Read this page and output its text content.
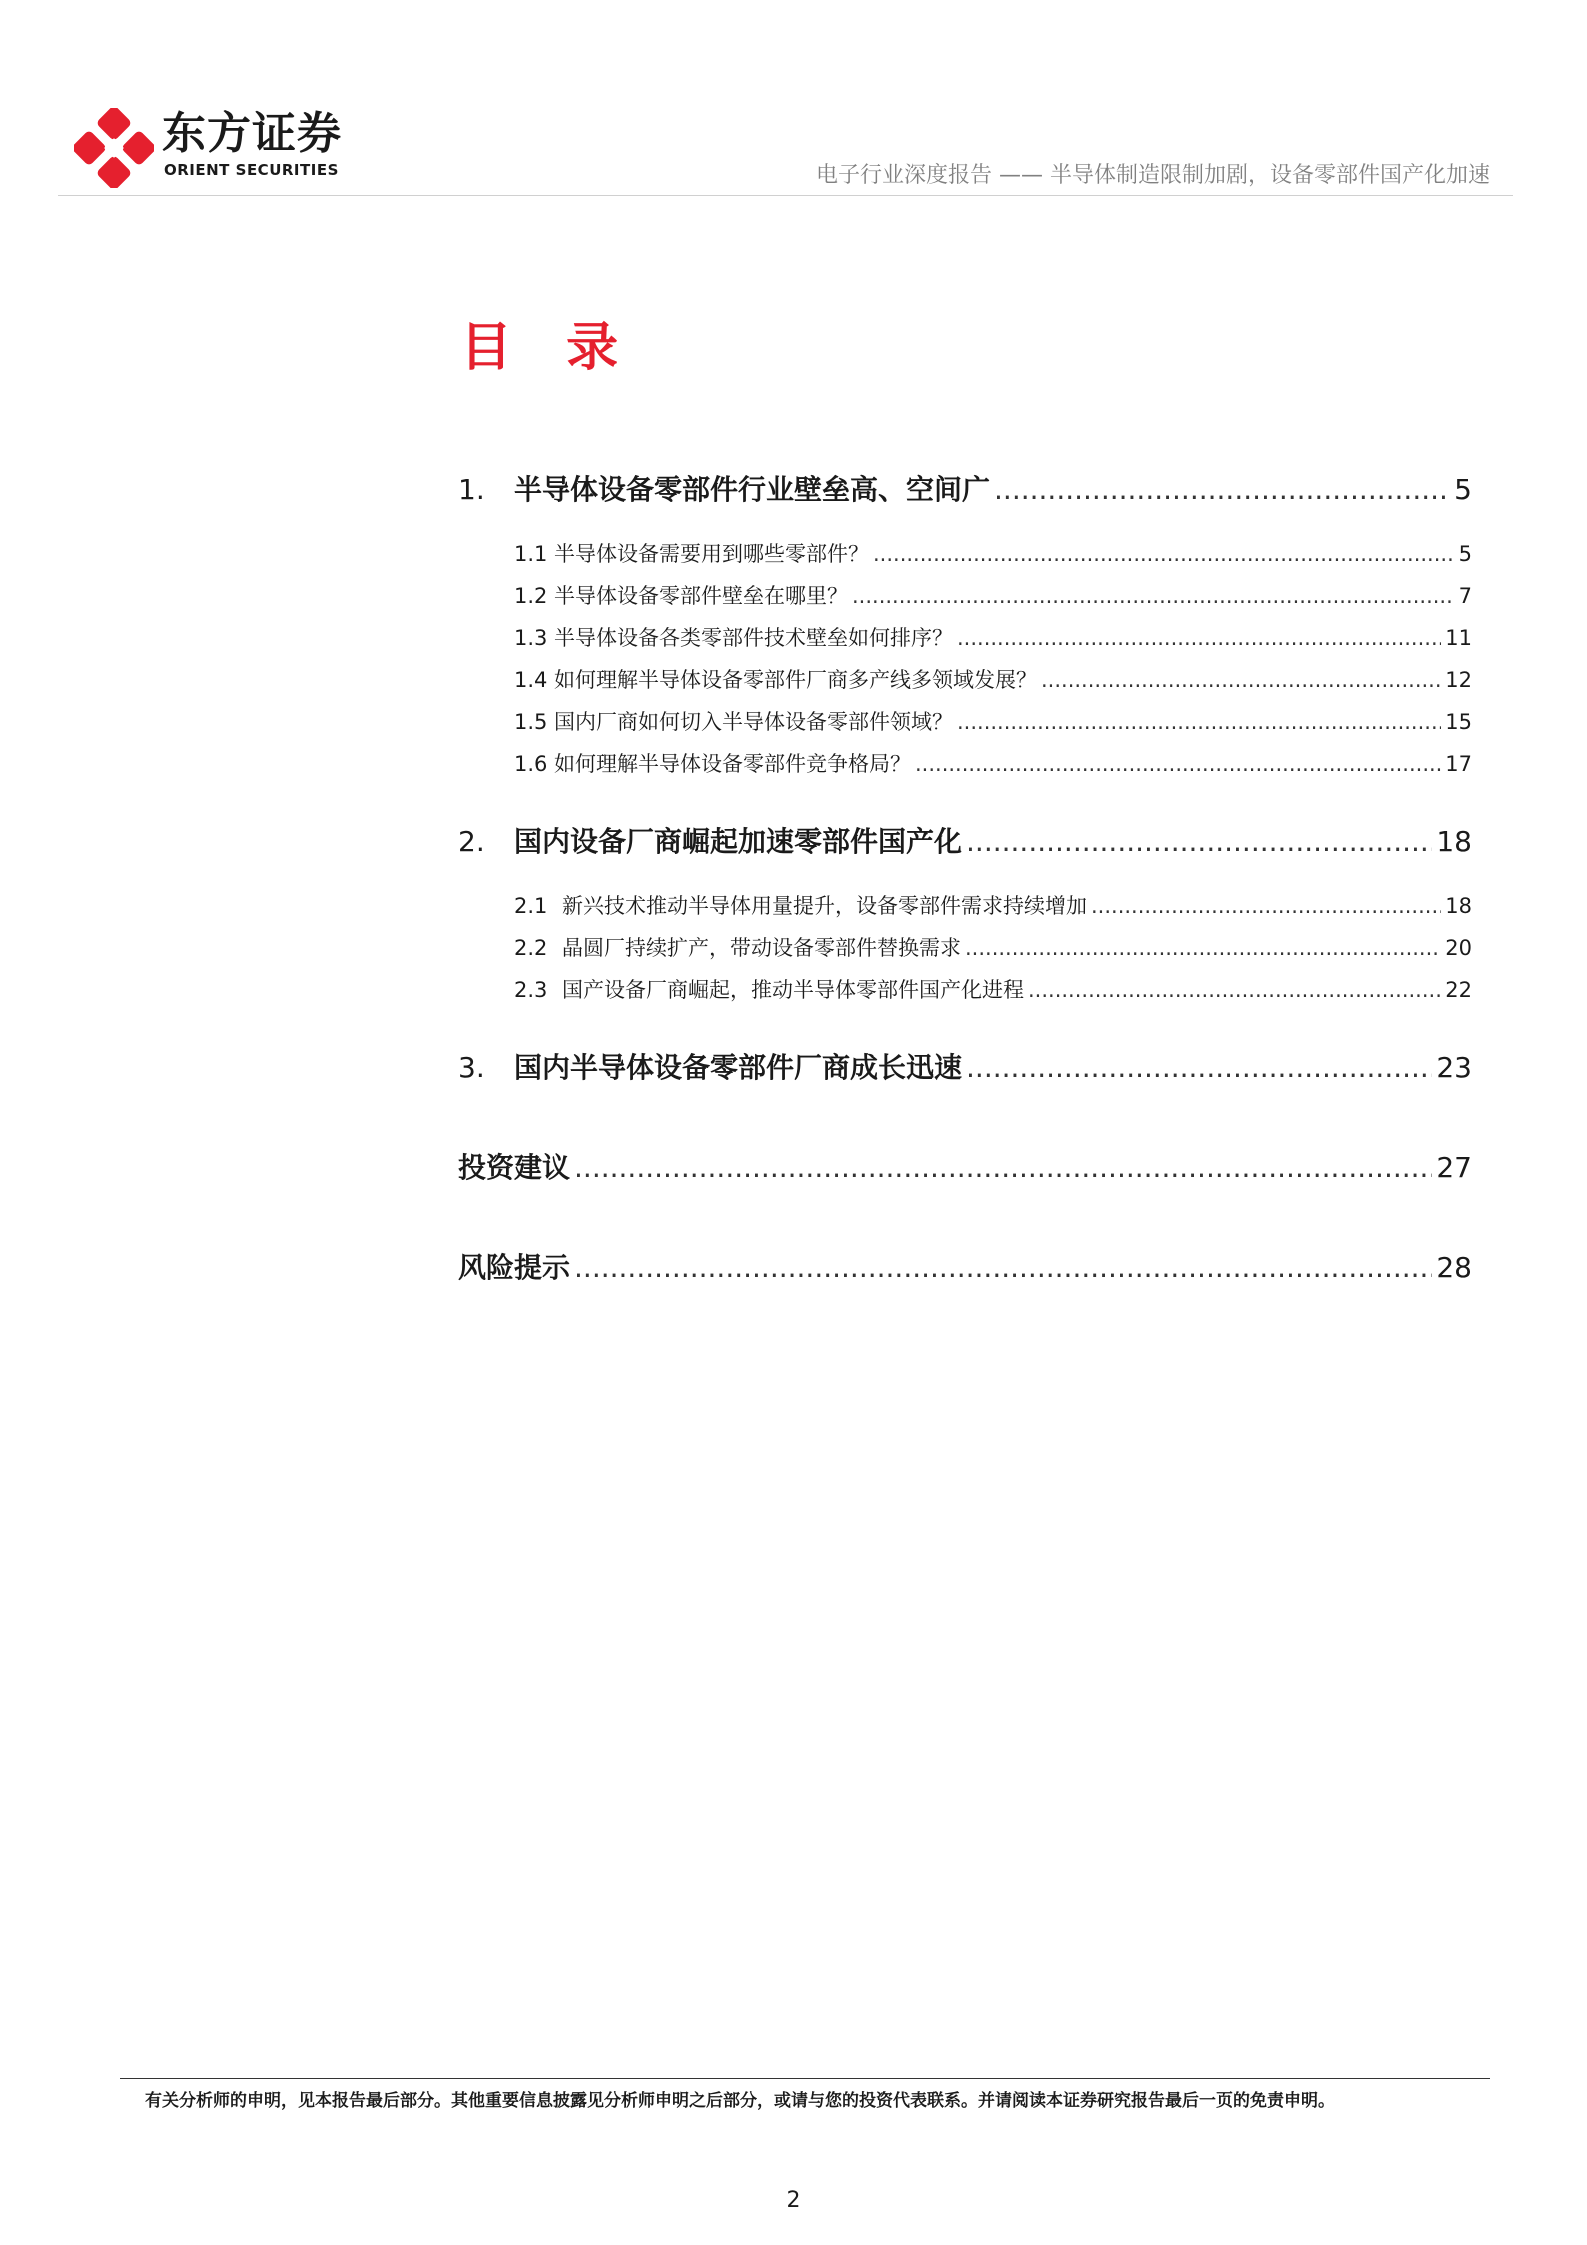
东方证券
ORIENT SECURITIES	电子行业深度报告 —— 半导体制造限制加剧，设备零部件国产化加速
目 录
1.	半导体设备零部件行业壁垒高、空间广 .....	5
1.1 半导体设备需要用到哪些零部件？ .....	5
1.2 半导体设备零部件壁垒在哪里？ .....	7
1.3 半导体设备各类零部件技术壁垒如何排序？ .....	11
1.4 如何理解半导体设备零部件厂商多产线多领域发展？ .....	12
1.5 国内厂商如何切入半导体设备零部件领域？ .....	15
1.6 如何理解半导体设备零部件竞争格局？ .....	17
2.	国内设备厂商崛起加速零部件国产化 .....	18
2.1 新兴技术推动半导体用量提升，设备零部件需求持续增加 .....	18
2.2 晶圆厂持续扩产，带动设备零部件替换需求 .....	20
2.3 国产设备厂商崛起，推动半导体零部件国产化进程 .....	22
3.	国内半导体设备零部件厂商成长迅速 .....	23
投资建议 .....	27
风险提示 .....	28
有关分析师的申明，见本报告最后部分。其他重要信息披露见分析师申明之后部分，或请与您的投资代表联系。并请阅读本证券研究报告最后一页的免责申明。
2
